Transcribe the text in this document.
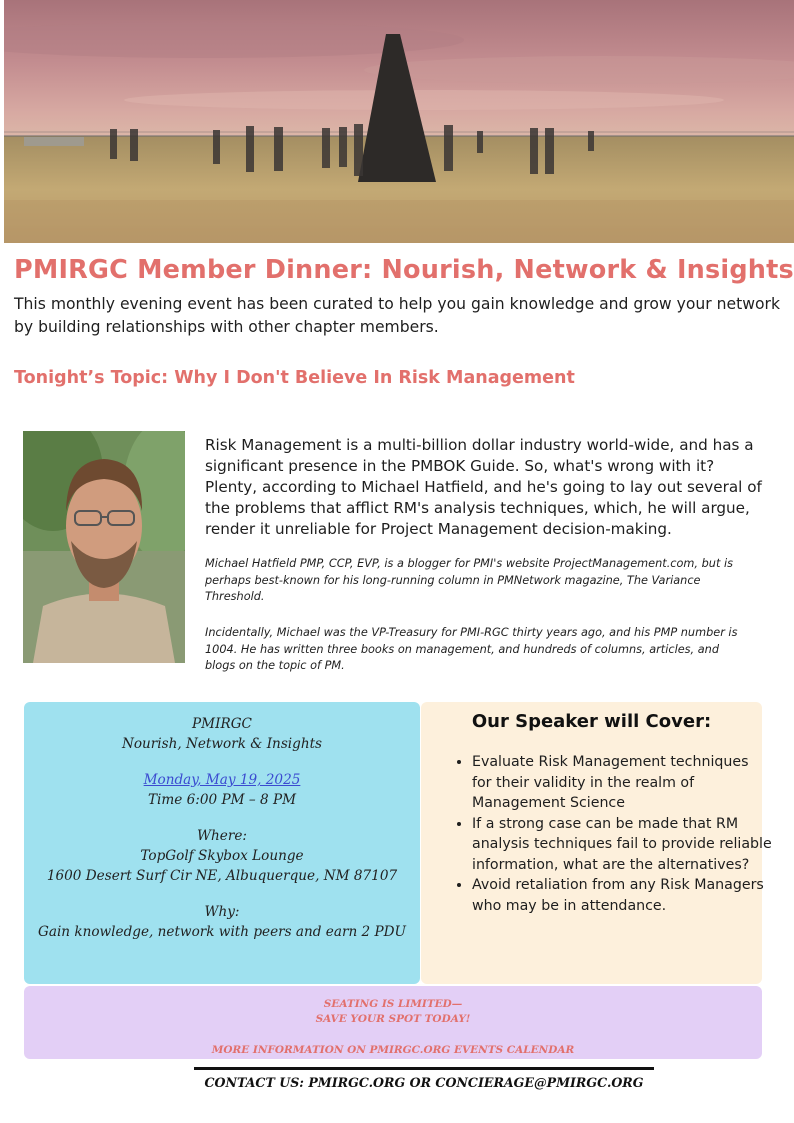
PMIRGC Member Dinner: Nourish, Network & Insights
This monthly evening event has been curated to help you gain knowledge and grow your network by building relationships with other chapter members.
Tonight’s Topic: Why I Don't Believe In Risk Management
Risk Management is a multi-billion dollar industry world-wide, and has a significant presence in the PMBOK Guide. So, what's wrong with it? Plenty, according to Michael Hatfield, and he's going to lay out several of the problems that afflict RM's analysis techniques, which, he will argue, render it unreliable for Project Management decision-making.
Michael Hatfield PMP, CCP, EVP, is a blogger for PMI's website ProjectManagement.com, but is perhaps best-known for his long-running column in PMNetwork magazine, The Variance Threshold.
Incidentally, Michael was the VP-Treasury for PMI-RGC thirty years ago, and his PMP number is 1004. He has written three books on management, and hundreds of columns, articles, and blogs on the topic of PM.
PMIRGC
Nourish, Network & Insights
Monday, May 19, 2025
Time 6:00 PM – 8 PM
Where:
TopGolf Skybox Lounge
1600 Desert Surf Cir NE, Albuquerque, NM 87107
Why:
Gain knowledge, network with peers and earn 2 PDU
Our Speaker will Cover:
• Evaluate Risk Management techniques for their validity in the realm of Management Science
• If a strong case can be made that RM analysis techniques fail to provide reliable information, what are the alternatives?
• Avoid retaliation from any Risk Managers who may be in attendance.
SEATING IS LIMITED—
SAVE YOUR SPOT TODAY!
MORE INFORMATION ON PMIRGC.ORG EVENTS CALENDAR
CONTACT US: PMIRGC.ORG OR CONCIERAGE@PMIRGC.ORG
